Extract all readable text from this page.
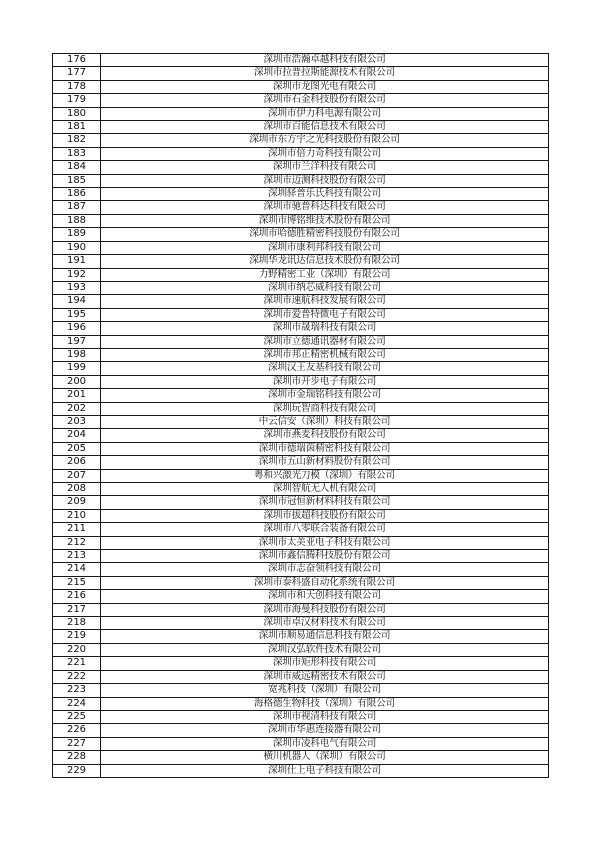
176	深圳市浩瀚卓越科技有限公司
177	深圳市拉普拉斯能源技术有限公司
178	深圳市龙图光电有限公司
179	深圳市石金科技股份有限公司
180	深圳市伊力科电源有限公司
181	深圳市百能信息技术有限公司
182	深圳市东方宇之光科技股份有限公司
183	深圳市倍力奇科技有限公司
184	深圳市兰洋科技有限公司
185	深圳市迈测科技股份有限公司
186	深圳驿普乐氏科技有限公司
187	深圳市驰普科达科技有限公司
188	深圳市博铭维技术股份有限公司
189	深圳市哈德胜精密科技股份有限公司
190	深圳市康利邦科技有限公司
191	深圳华龙讯达信息技术股份有限公司
192	力野精密工业（深圳）有限公司
193	深圳市纳芯威科技有限公司
194	深圳市速航科技发展有限公司
195	深圳市爱普特微电子有限公司
196	深圳市晟瑞科技有限公司
197	深圳市立德通讯器材有限公司
198	深圳市邦正精密机械有限公司
199	深圳汉王友基科技有限公司
200	深圳市开步电子有限公司
201	深圳市金瑞铭科技有限公司
202	深圳玩智商科技有限公司
203	中云信安（深圳）科技有限公司
204	深圳市燕麦科技股份有限公司
205	深圳市德瑞茵精密科技有限公司
206	深圳市五山新材料股份有限公司
207	粤和兴激光刀模（深圳）有限公司
208	深圳智航无人机有限公司
209	深圳市冠恒新材料科技有限公司
210	深圳市拔超科技股份有限公司
211	深圳市八零联合装备有限公司
212	深圳市太美亚电子科技有限公司
213	深圳市鑫信腾科技股份有限公司
214	深圳市志奋领科技有限公司
215	深圳市泰科盛自动化系统有限公司
216	深圳市和天创科技有限公司
217	深圳市海曼科技股份有限公司
218	深圳市卓汉材料技术有限公司
219	深圳市顺易通信息科技有限公司
220	深圳汉弘软件技术有限公司
221	深圳市矩形科技有限公司
222	深圳市威远精密技术有限公司
223	宽兆科技（深圳）有限公司
224	海格德生物科技（深圳）有限公司
225	深圳市视清科技有限公司
226	深圳市华惠连接器有限公司
227	深圳市凌科电气有限公司
228	横川机器人（深圳）有限公司
229	深圳仕上电子科技有限公司
